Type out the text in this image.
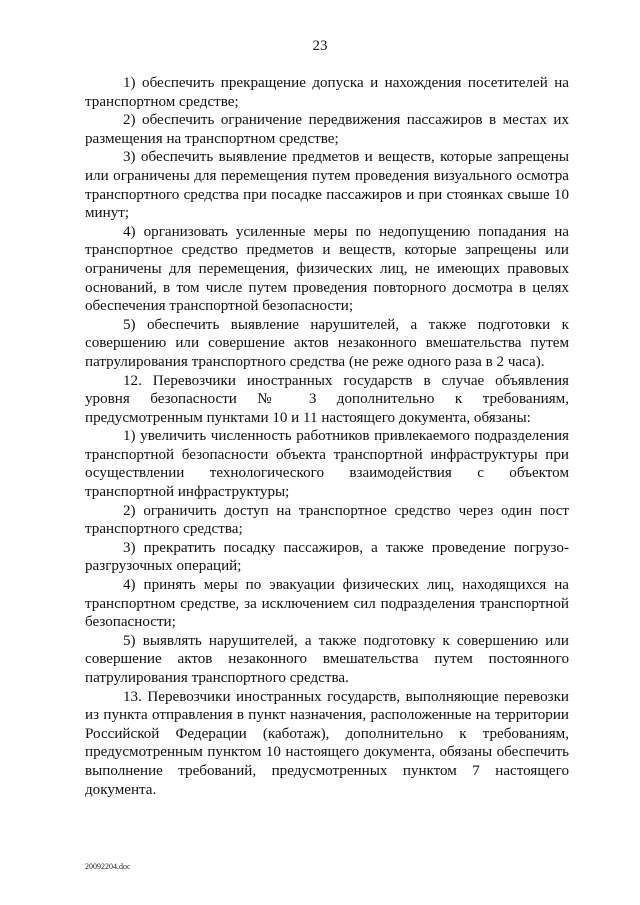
23

1) обеспечить прекращение допуска и нахождения посетителей на транспортном средстве;

2) обеспечить ограничение передвижения пассажиров в местах их размещения на транспортном средстве;

3) обеспечить выявление предметов и веществ, которые запрещены или ограничены для перемещения путем проведения визуального осмотра транспортного средства при посадке пассажиров и при стоянках свыше 10 минут;

4) организовать усиленные меры по недопущению попадания на транспортное средство предметов и веществ, которые запрещены или ограничены для перемещения, физических лиц, не имеющих правовых оснований, в том числе путем проведения повторного досмотра в целях обеспечения транспортной безопасности;

5) обеспечить выявление нарушителей, а также подготовки к совершению или совершение актов незаконного вмешательства путем патрулирования транспортного средства (не реже одного раза в 2 часа).

12. Перевозчики иностранных государств в случае объявления уровня безопасности № 3 дополнительно к требованиям, предусмотренным пунктами 10 и 11 настоящего документа, обязаны:

1) увеличить численность работников привлекаемого подразделения транспортной безопасности объекта транспортной инфраструктуры при осуществлении технологического взаимодействия с объектом транспортной инфраструктуры;

2) ограничить доступ на транспортное средство через один пост транспортного средства;

3) прекратить посадку пассажиров, а также проведение погрузо-разгрузочных операций;

4) принять меры по эвакуации физических лиц, находящихся на транспортном средстве, за исключением сил подразделения транспортной безопасности;

5) выявлять нарушителей, а также подготовку к совершению или совершение актов незаконного вмешательства путем постоянного патрулирования транспортного средства.

13. Перевозчики иностранных государств, выполняющие перевозки из пункта отправления в пункт назначения, расположенные на территории Российской Федерации (каботаж), дополнительно к требованиям, предусмотренным пунктом 10 настоящего документа, обязаны обеспечить выполнение требований, предусмотренных пунктом 7 настоящего документа.

20092204.doc
